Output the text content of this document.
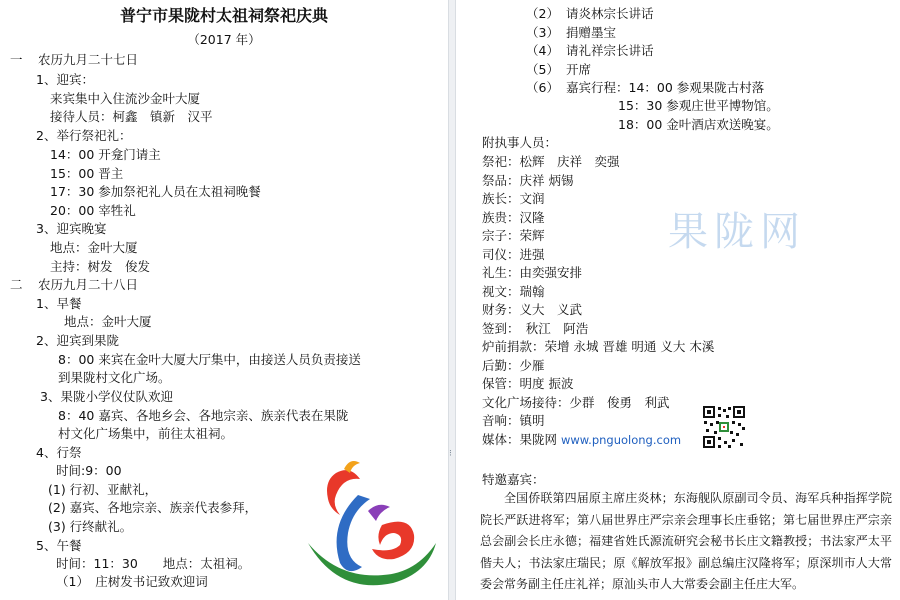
普宁市果陇村太祖祠祭祀庆典
（2017 年）
一 农历九月二十七日
1、迎宾：
来宾集中入住流沙金叶大厦
接待人员：柯鑫　镇新　汉平
2、举行祭祀礼：
14：00 开龛门请主
15：00 晋主
17：30 参加祭祀礼人员在太祖祠晚餐
20：00 宰牲礼
3、迎宾晚宴
地点：金叶大厦
主持：树发　俊发
二 农历九月二十八日
1、早餐
地点：金叶大厦
2、迎宾到果陇
8：00 来宾在金叶大厦大厅集中，由接送人员负责接送
到果陇村文化广场。
3、果陇小学仪仗队欢迎
8：40 嘉宾、各地乡会、各地宗亲、族亲代表在果陇
村文化广场集中，前往太祖祠。
4、行祭
时间:9：00
(1) 行初、亚献礼，
(2) 嘉宾、各地宗亲、族亲代表参拜，
(3) 行终献礼。
5、午餐
时间：11：30　　地点：太祖祠。
（1）　庄树发书记致欢迎词
⁝
果陇网
（2） 请炎林宗长讲话
（3） 捐赠墨宝
（4） 请礼祥宗长讲话
（5） 开席
（6） 嘉宾行程：14：00 参观果陇古村落
15：30 参观庄世平博物馆。
18：00 金叶酒店欢送晚宴。
附执事人员：
祭祀：松辉　庆祥　奕强
祭品：庆祥 炳锡
族长：文润
族贵：汉隆
宗子：荣辉
司仪：进强
礼生：由奕强安排
视文：瑞翰
财务：义大　义武
签到：　秋江　阿浩
炉前捐款：荣增 永城 晋雄 明通 义大 木溪
后勤：少雁
保管：明度 振波
文化广场接待：少群　俊勇　利武
音响：镇明
媒体：果陇网 www.pnguolong.com
特邀嘉宾：
全国侨联第四届原主席庄炎林；东海舰队原副司令员、海军兵种指挥学院院长严跃进将军；第八届世界庄严宗亲会理事长庄垂铭；第七届世界庄严宗亲总会副会长庄永德；福建省姓氏源流研究会秘书长庄文籍教授；书法家严太平偕夫人；书法家庄瑞民；原《解放军报》副总编庄汉隆将军；原深圳市人大常委会常务副主任庄礼祥；原汕头市人大常委会副主任庄大军。
